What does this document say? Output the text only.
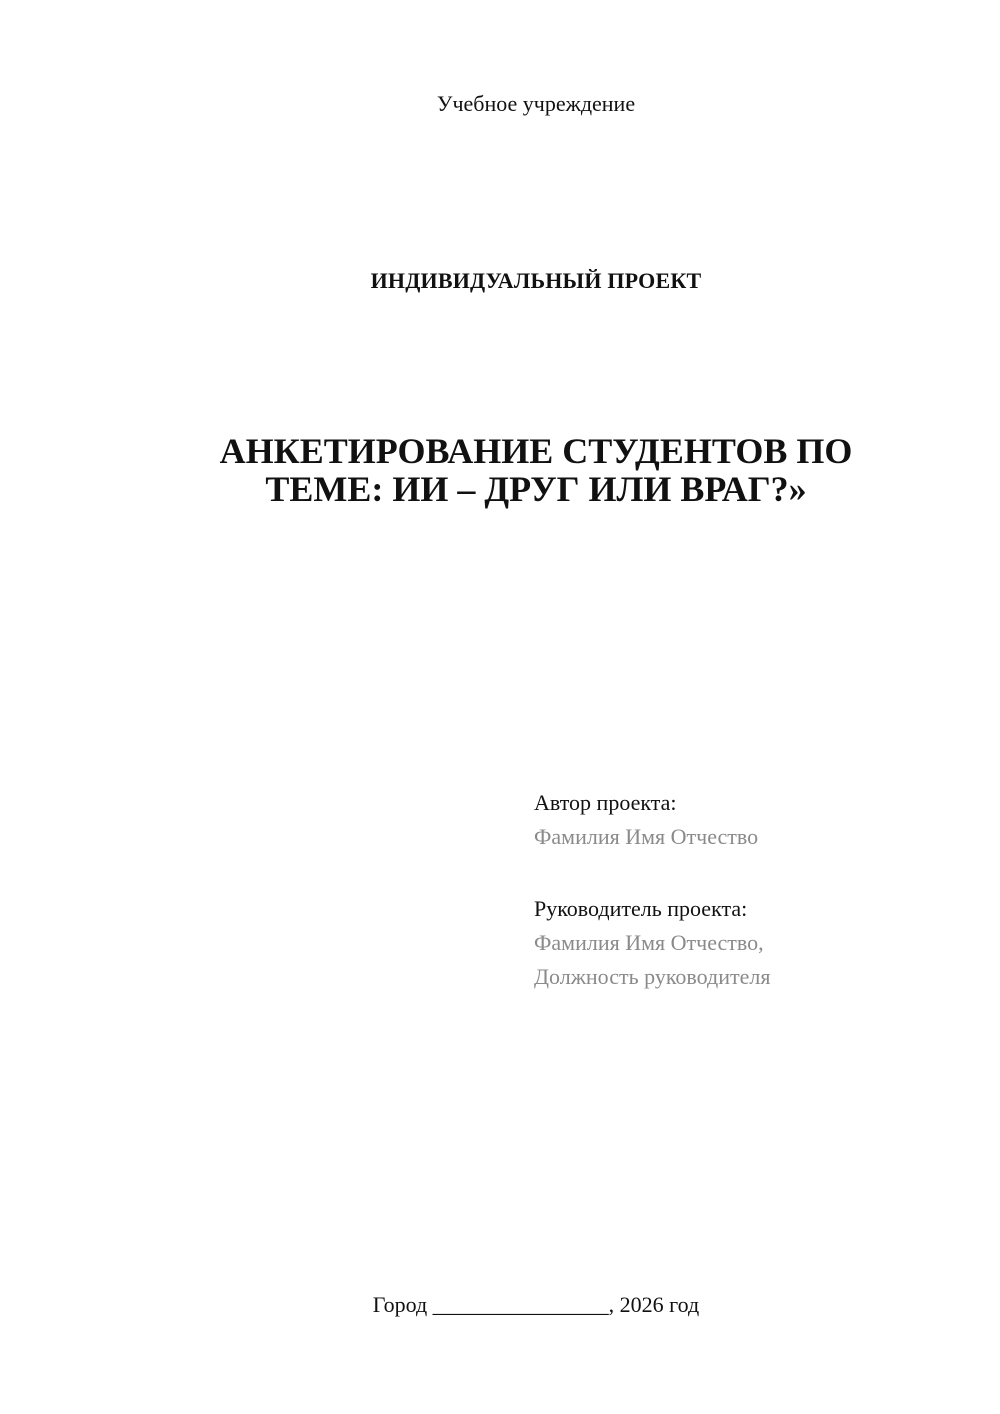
Учебное учреждение
ИНДИВИДУАЛЬНЫЙ ПРОЕКТ
АНКЕТИРОВАНИЕ СТУДЕНТОВ ПО
ТЕМЕ: ИИ – ДРУГ ИЛИ ВРАГ?»
Автор проекта:
Фамилия Имя Отчество
Руководитель проекта:
Фамилия Имя Отчество,
Должность руководителя
Город ________________, 2026 год
